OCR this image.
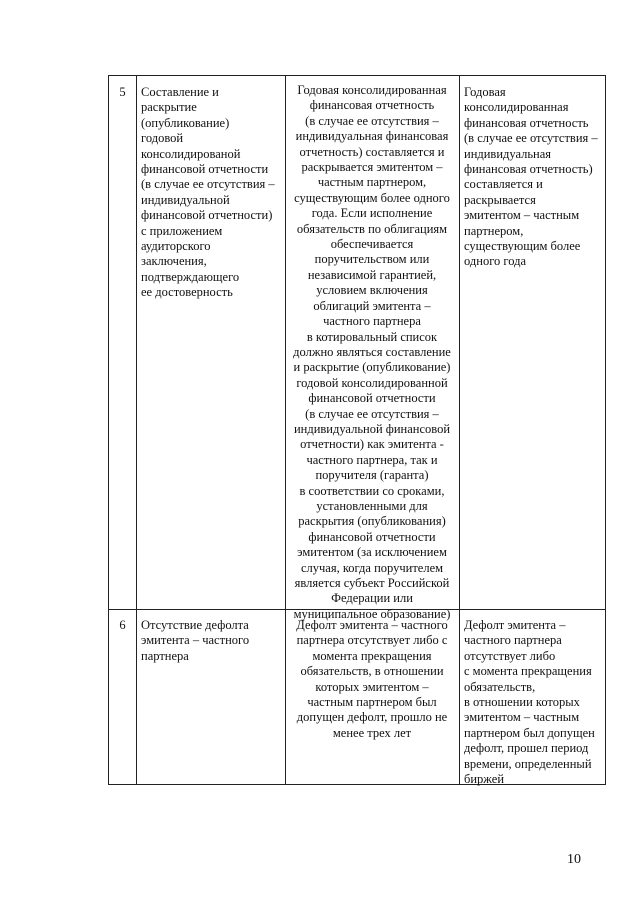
5	Составление и
раскрытие
(опубликование)
годовой
консолидированой
финансовой отчетности
(в случае ее отсутствия –
индивидуальной
финансовой отчетности)
с приложением
аудиторского
заключения,
подтверждающего
ее достоверность
Годовая консолидированная
финансовая отчетность
(в случае ее отсутствия –
индивидуальная финансовая
отчетность) составляется и
раскрывается эмитентом –
частным партнером,
существующим более одного
года. Если исполнение
обязательств по облигациям
обеспечивается
поручительством или
независимой гарантией,
условием включения
облигаций эмитента –
частного партнера
в котировальный список
должно являться составление
и раскрытие (опубликование)
годовой консолидированной
финансовой отчетности
(в случае ее отсутствия –
индивидуальной финансовой
отчетности) как эмитента -
частного партнера, так и
поручителя (гаранта)
в соответствии со сроками,
установленными для
раскрытия (опубликования)
финансовой отчетности
эмитентом (за исключением
случая, когда поручителем
является субъект Российской
Федерации или
муниципальное образование)
Годовая
консолидированная
финансовая отчетность
(в случае ее отсутствия –
индивидуальная
финансовая отчетность)
составляется и
раскрывается
эмитентом – частным
партнером,
существующим более
одного года
6	Отсутствие дефолта
эмитента – частного
партнера
Дефолт эмитента – частного
партнера отсутствует либо с
момента прекращения
обязательств, в отношении
которых эмитентом –
частным партнером был
допущен дефолт, прошло не
менее трех лет
Дефолт эмитента –
частного партнера
отсутствует либо
с момента прекращения
обязательств,
в отношении которых
эмитентом – частным
партнером был допущен
дефолт, прошел период
времени, определенный
биржей
10
